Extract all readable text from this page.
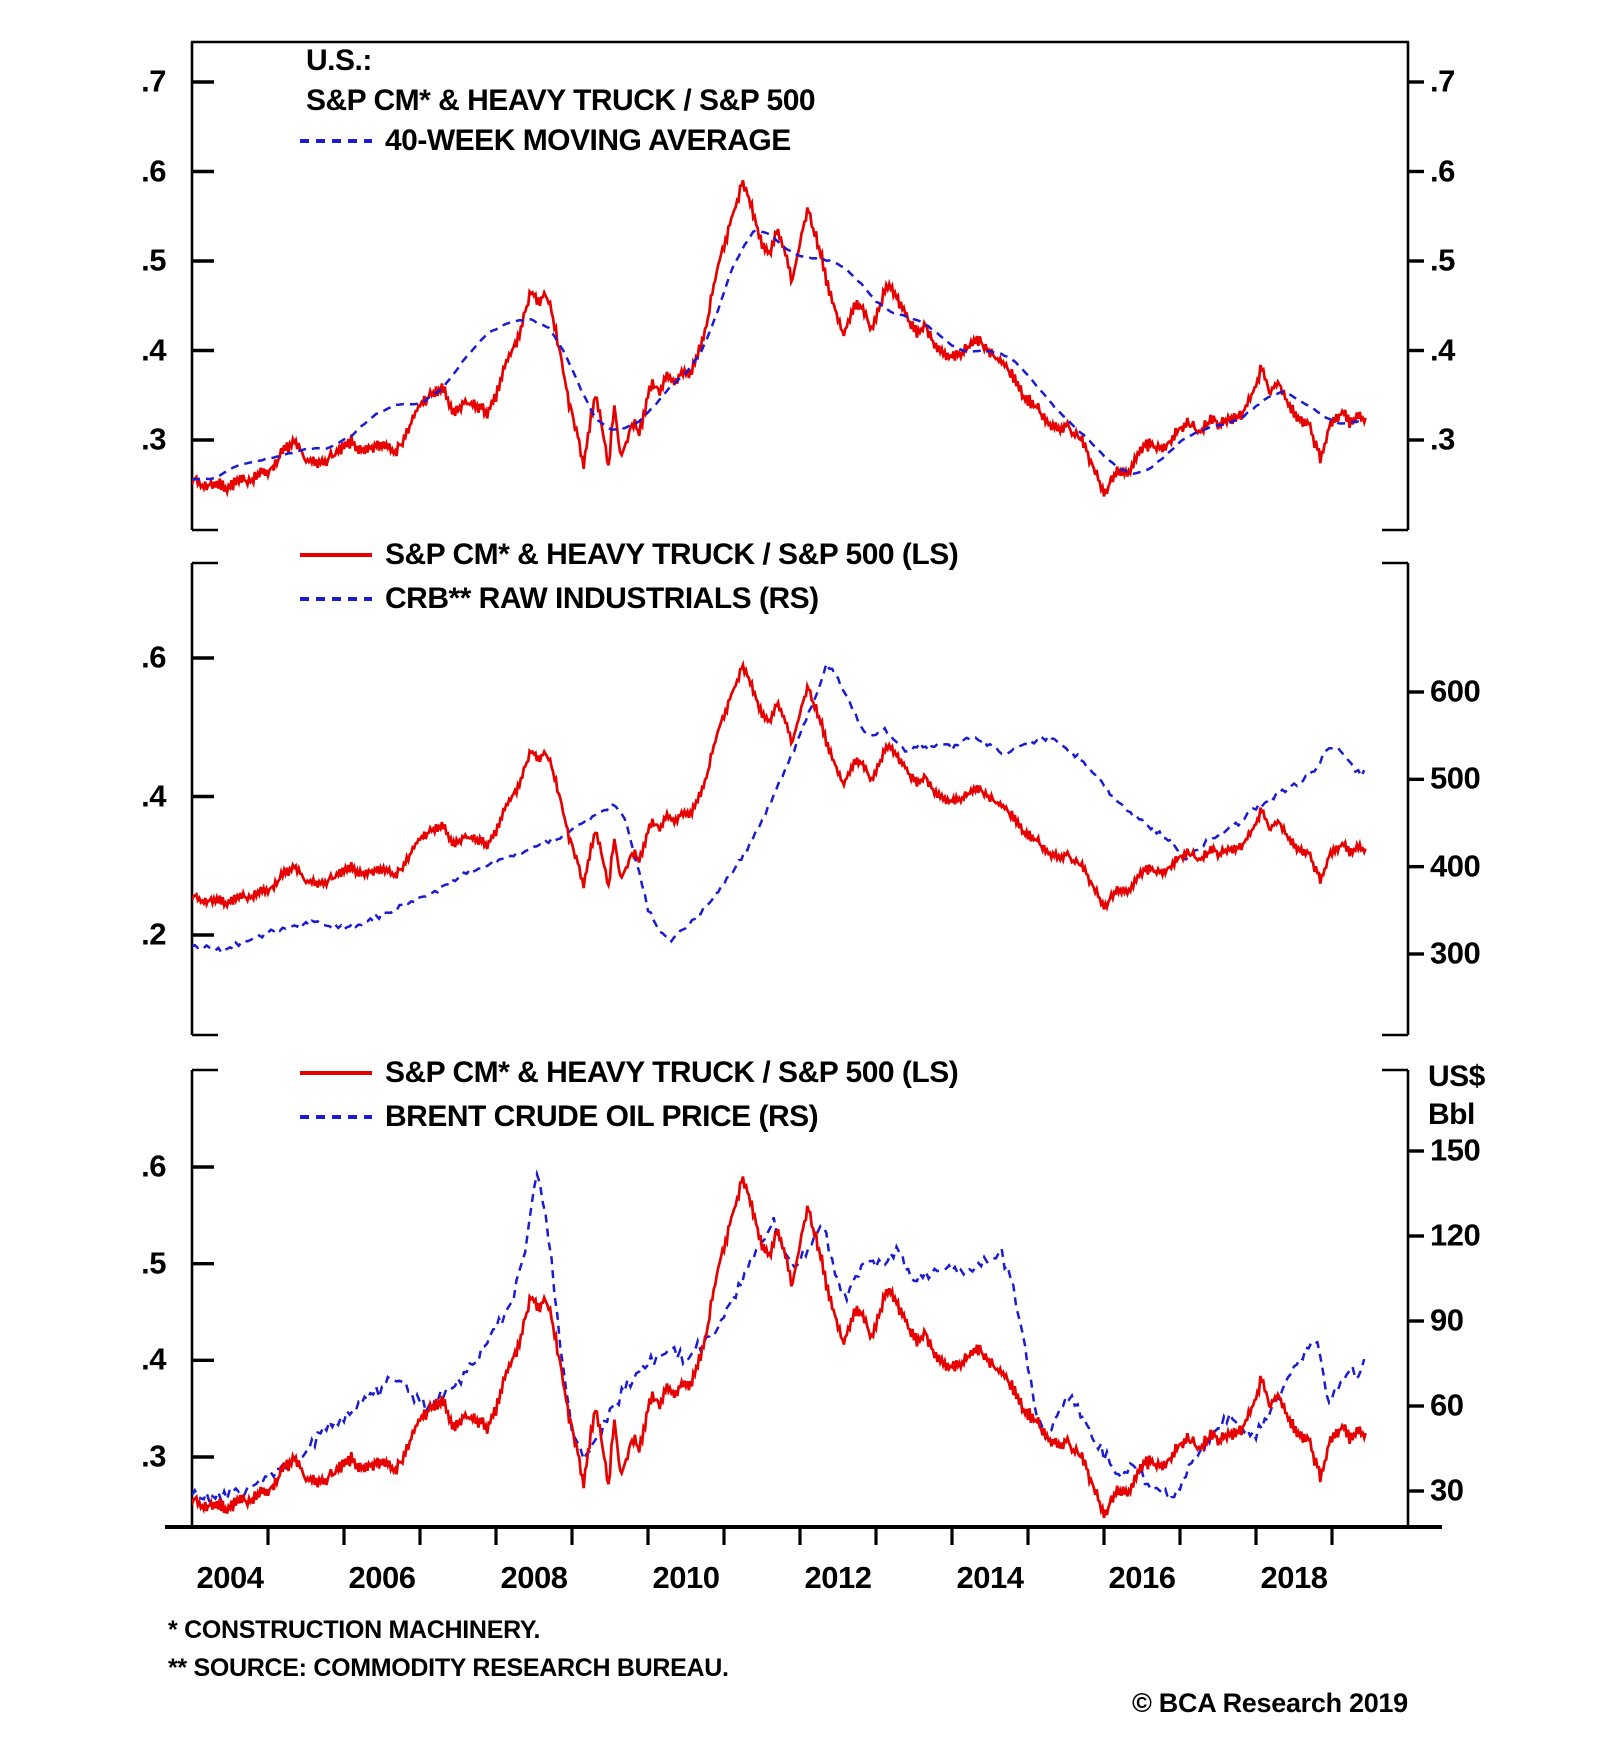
U.S.:
S&P CM* & HEAVY TRUCK / S&P 500
40-WEEK MOVING AVERAGE
S&P CM* & HEAVY TRUCK / S&P 500 (LS)
CRB** RAW INDUSTRIALS (RS)
S&P CM* & HEAVY TRUCK / S&P 500 (LS)
BRENT CRUDE OIL PRICE (RS)
US$
Bbl
* CONSTRUCTION MACHINERY.
** SOURCE: COMMODITY RESEARCH BUREAU.
© BCA Research 2019
.7
.6
.5
.4
.3
.7
.6
.5
.4
.3
.6
.4
.2
600
500
400
300
.6
.5
.4
.3
150
120
90
60
30
2004	2006	2008	2010	2012	2014	2016	2018
